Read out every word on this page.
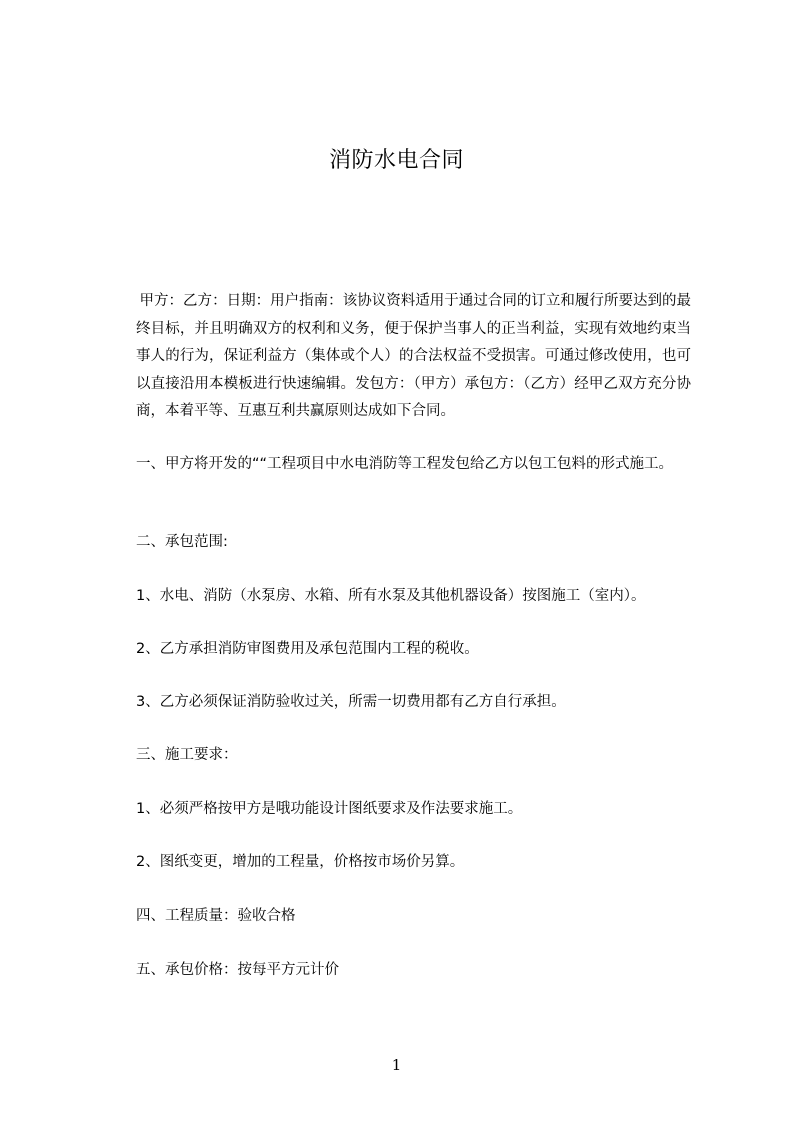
消防水电合同

甲方：乙方：日期：用户指南：该协议资料适用于通过合同的订立和履行所要达到的最终目标，并且明确双方的权利和义务，便于保护当事人的正当利益，实现有效地约束当事人的行为，保证利益方（集体或个人）的合法权益不受损害。可通过修改使用，也可以直接沿用本模板进行快速编辑。发包方：（甲方）承包方：（乙方）经甲乙双方充分协商，本着平等、互惠互利共赢原则达成如下合同。

一、甲方将开发的““工程项目中水电消防等工程发包给乙方以包工包料的形式施工。

二、承包范围:

1、水电、消防（水泵房、水箱、所有水泵及其他机器设备）按图施工（室内）。

2、乙方承担消防审图费用及承包范围内工程的税收。

3、乙方必须保证消防验收过关，所需一切费用都有乙方自行承担。

三、施工要求：

1、必须严格按甲方是哦功能设计图纸要求及作法要求施工。

2、图纸变更，增加的工程量，价格按市场价另算。

四、工程质量：验收合格

五、承包价格：按每平方元计价

1
